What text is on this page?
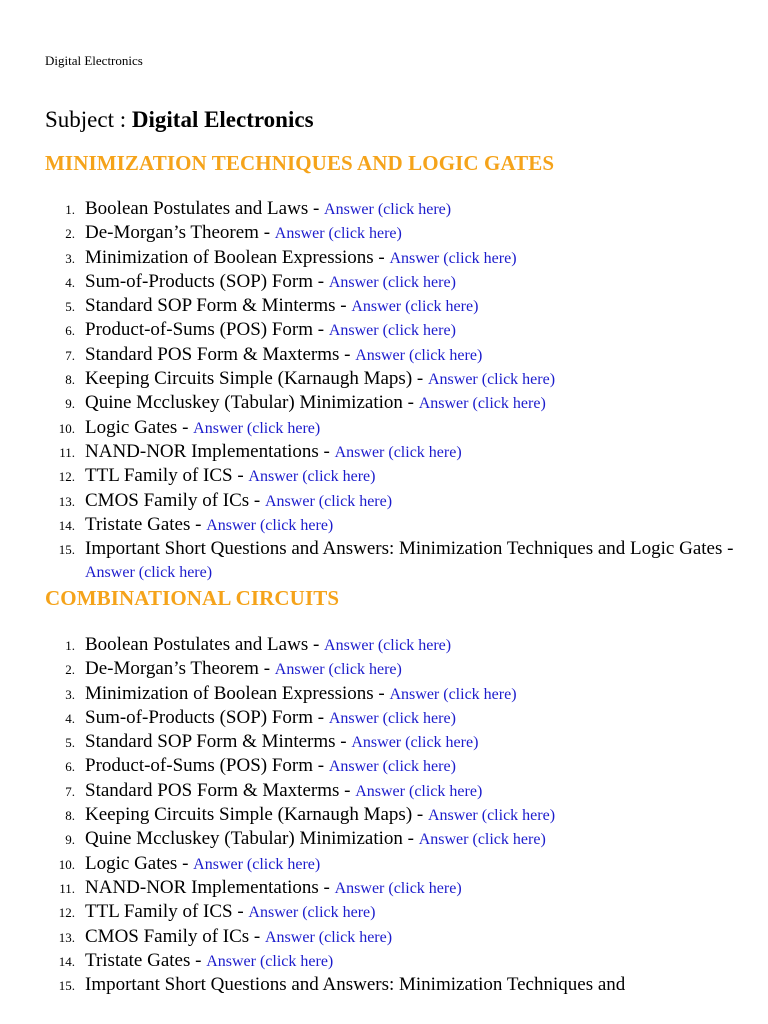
Digital Electronics
Subject : Digital Electronics
MINIMIZATION TECHNIQUES AND LOGIC GATES
1. Boolean Postulates and Laws - Answer (click here)
2. De-Morgan’s Theorem - Answer (click here)
3. Minimization of Boolean Expressions - Answer (click here)
4. Sum-of-Products (SOP) Form - Answer (click here)
5. Standard SOP Form & Minterms - Answer (click here)
6. Product-of-Sums (POS) Form - Answer (click here)
7. Standard POS Form & Maxterms - Answer (click here)
8. Keeping Circuits Simple (Karnaugh Maps) - Answer (click here)
9. Quine Mccluskey (Tabular) Minimization - Answer (click here)
10. Logic Gates - Answer (click here)
11. NAND-NOR Implementations - Answer (click here)
12. TTL Family of ICS - Answer (click here)
13. CMOS Family of ICs - Answer (click here)
14. Tristate Gates - Answer (click here)
15. Important Short Questions and Answers: Minimization Techniques and Logic Gates - Answer (click here)
COMBINATIONAL CIRCUITS
1. Boolean Postulates and Laws - Answer (click here)
2. De-Morgan’s Theorem - Answer (click here)
3. Minimization of Boolean Expressions - Answer (click here)
4. Sum-of-Products (SOP) Form - Answer (click here)
5. Standard SOP Form & Minterms - Answer (click here)
6. Product-of-Sums (POS) Form - Answer (click here)
7. Standard POS Form & Maxterms - Answer (click here)
8. Keeping Circuits Simple (Karnaugh Maps) - Answer (click here)
9. Quine Mccluskey (Tabular) Minimization - Answer (click here)
10. Logic Gates - Answer (click here)
11. NAND-NOR Implementations - Answer (click here)
12. TTL Family of ICS - Answer (click here)
13. CMOS Family of ICs - Answer (click here)
14. Tristate Gates - Answer (click here)
15. Important Short Questions and Answers: Minimization Techniques and
